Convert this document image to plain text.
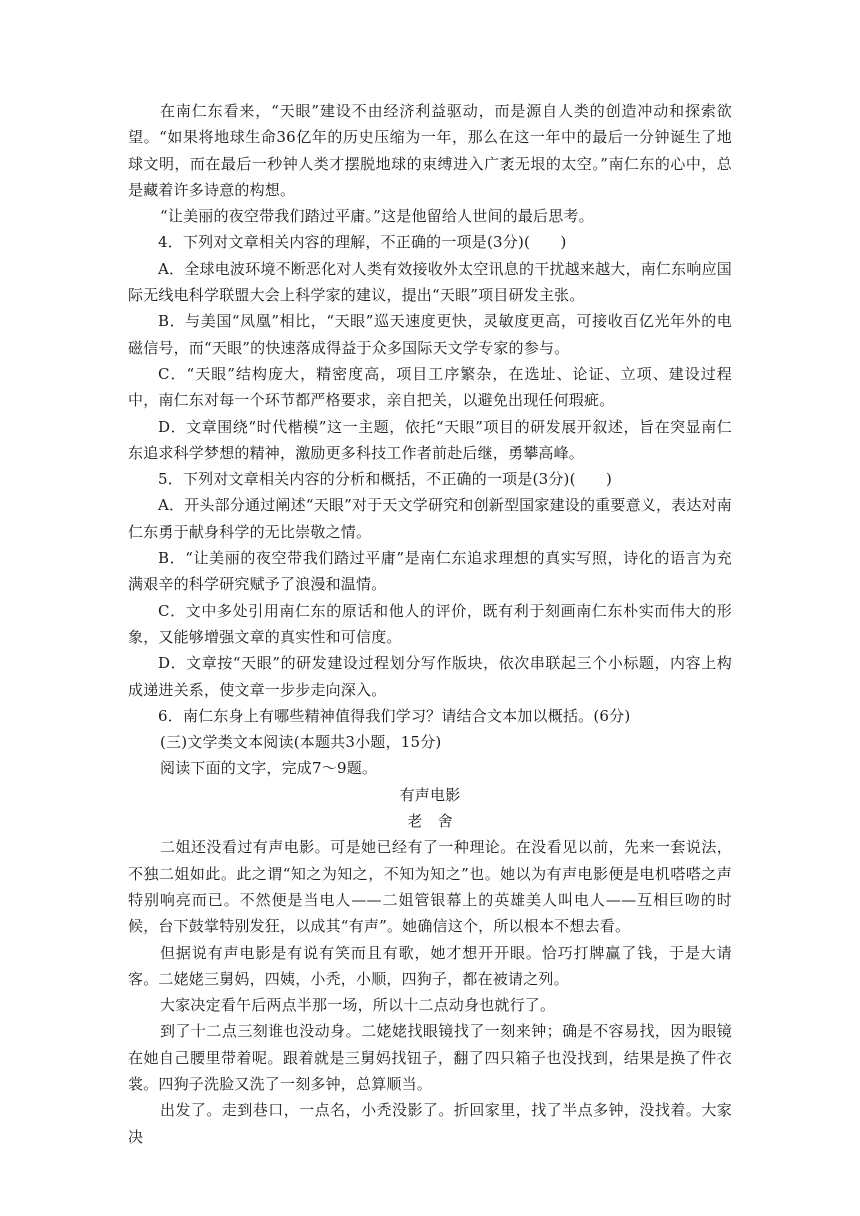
在南仁东看来，“天眼”建设不由经济利益驱动，而是源自人类的创造冲动和探索欲望。“如果将地球生命36亿年的历史压缩为一年，那么在这一年中的最后一分钟诞生了地球文明，而在最后一秒钟人类才摆脱地球的束缚进入广袤无垠的太空。”南仁东的心中，总是藏着许多诗意的构想。

“让美丽的夜空带我们踏过平庸。”这是他留给人世间的最后思考。

4．下列对文章相关内容的理解，不正确的一项是(3分)(　　)

A．全球电波环境不断恶化对人类有效接收外太空讯息的干扰越来越大，南仁东响应国际无线电科学联盟大会上科学家的建议，提出“天眼”项目研发主张。

B．与美国“凤凰”相比，“天眼”巡天速度更快，灵敏度更高，可接收百亿光年外的电磁信号，而“天眼”的快速落成得益于众多国际天文学专家的参与。

C．“天眼”结构庞大，精密度高，项目工序繁杂，在选址、论证、立项、建设过程中，南仁东对每一个环节都严格要求，亲自把关，以避免出现任何瑕疵。

D．文章围绕“时代楷模”这一主题，依托“天眼”项目的研发展开叙述，旨在突显南仁东追求科学梦想的精神，激励更多科技工作者前赴后继，勇攀高峰。

5．下列对文章相关内容的分析和概括，不正确的一项是(3分)(　　)

A．开头部分通过阐述“天眼”对于天文学研究和创新型国家建设的重要意义，表达对南仁东勇于献身科学的无比崇敬之情。

B．“让美丽的夜空带我们踏过平庸”是南仁东追求理想的真实写照，诗化的语言为充满艰辛的科学研究赋予了浪漫和温情。

C．文中多处引用南仁东的原话和他人的评价，既有利于刻画南仁东朴实而伟大的形象，又能够增强文章的真实性和可信度。

D．文章按“天眼”的研发建设过程划分写作版块，依次串联起三个小标题，内容上构成递进关系，使文章一步步走向深入。

6．南仁东身上有哪些精神值得我们学习？请结合文本加以概括。(6分)

(三)文学类文本阅读(本题共3小题，15分)

阅读下面的文字，完成7～9题。

有声电影

老　舍

二姐还没看过有声电影。可是她已经有了一种理论。在没看见以前，先来一套说法，不独二姐如此。此之谓“知之为知之，不知为知之”也。她以为有声电影便是电机嗒嗒之声特别响亮而已。不然便是当电人——二姐管银幕上的英雄美人叫电人——互相巨吻的时候，台下鼓掌特别发狂，以成其“有声”。她确信这个，所以根本不想去看。

但据说有声电影是有说有笑而且有歌，她才想开开眼。恰巧打牌赢了钱，于是大请客。二姥姥三舅妈，四姨，小秃，小顺，四狗子，都在被请之列。

大家决定看午后两点半那一场，所以十二点动身也就行了。

到了十二点三刻谁也没动身。二姥姥找眼镜找了一刻来钟；确是不容易找，因为眼镜在她自己腰里带着呢。跟着就是三舅妈找钮子，翻了四只箱子也没找到，结果是换了件衣裳。四狗子洗脸又洗了一刻多钟，总算顺当。

出发了。走到巷口，一点名，小秃没影了。折回家里，找了半点多钟，没找着。大家决
